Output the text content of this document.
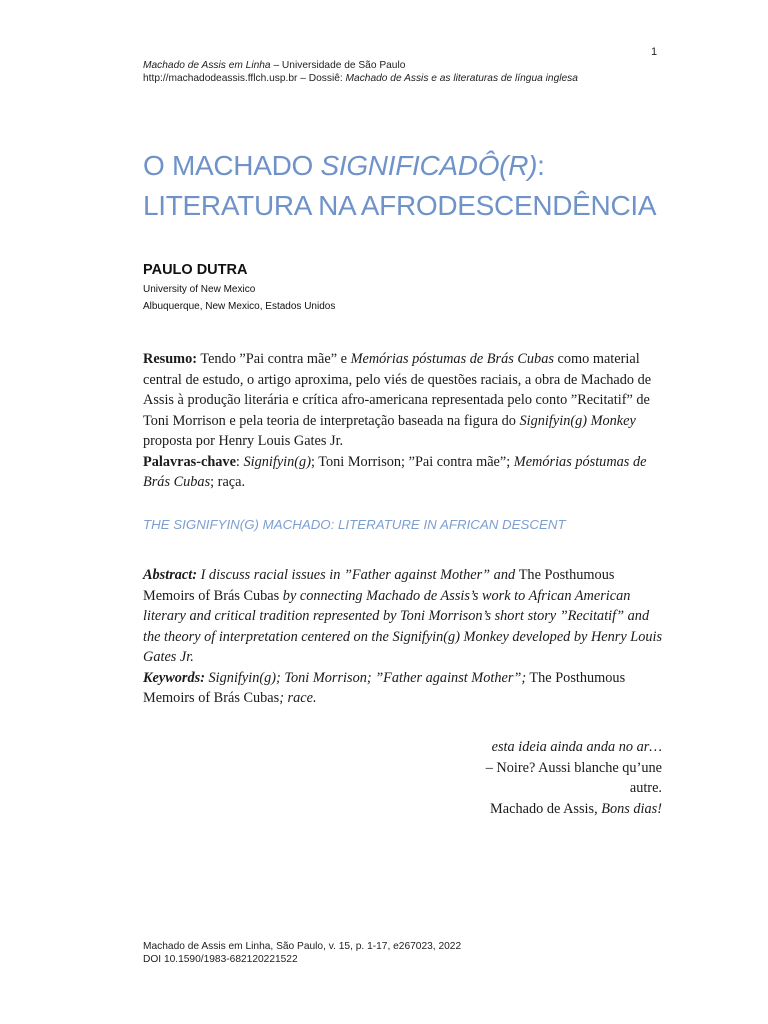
1
Machado de Assis em Linha – Universidade de São Paulo
http://machadodeassis.fflch.usp.br – Dossiê: Machado de Assis e as literaturas de língua inglesa
O MACHADO SIGNIFICADÔ(R): LITERATURA NA AFRODESCENDÊNCIA

PAULO DUTRA

University of New Mexico
Albuquerque, New Mexico, Estados Unidos

Resumo: Tendo ”Pai contra mãe” e Memórias póstumas de Brás Cubas como material central de estudo, o artigo aproxima, pelo viés de questões raciais, a obra de Machado de Assis à produção literária e crítica afro-americana representada pelo conto ”Recitatif” de Toni Morrison e pela teoria de interpretação baseada na figura do Signifyin(g) Monkey proposta por Henry Louis Gates Jr.

Palavras-chave: Signifyin(g); Toni Morrison; ”Pai contra mãe”; Memórias póstumas de Brás Cubas; raça.

THE SIGNIFYIN(G) MACHADO: LITERATURE IN AFRICAN DESCENT

Abstract: I discuss racial issues in ”Father against Mother” and The Posthumous Memoirs of Brás Cubas by connecting Machado de Assis’s work to African American literary and critical tradition represented by Toni Morrison’s short story ”Recitatif” and the theory of interpretation centered on the Signifyin(g) Monkey developed by Henry Louis Gates Jr.

Keywords: Signifyin(g); Toni Morrison; ”Father against Mother”; The Posthumous Memoirs of Brás Cubas; race.

esta ideia ainda anda no ar…
– Noire? Aussi blanche qu’une
autre.
Machado de Assis, Bons dias!
Machado de Assis em Linha, São Paulo, v. 15, p. 1-17, e267023, 2022
DOI 10.1590/1983-682120221522
